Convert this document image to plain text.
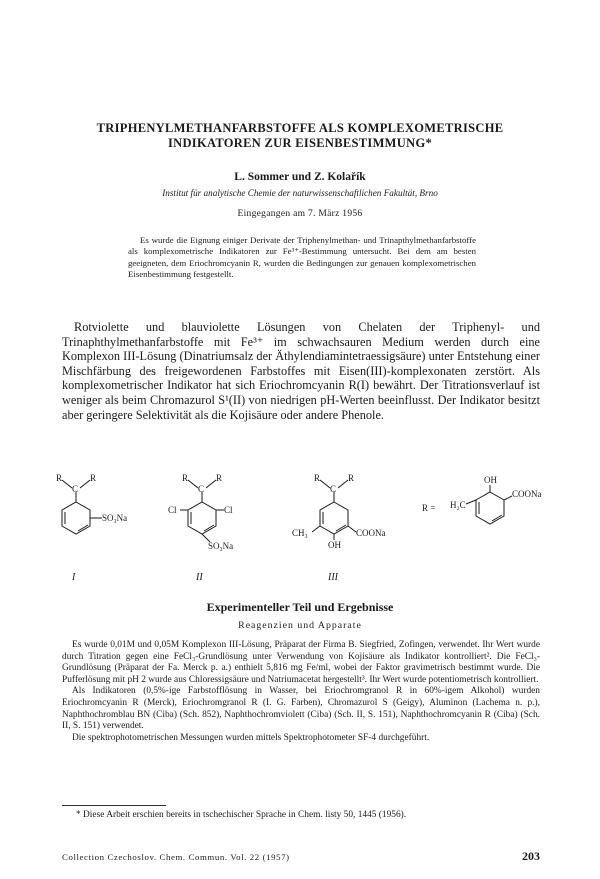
TRIPHENYLMETHANFARBSTOFFE ALS KOMPLEXOMETRISCHE
INDIKATOREN ZUR EISENBESTIMMUNG*
L. Sommer und Z. Kolařík
Institut für analytische Chemie der naturwissenschaftlichen Fakultät, Brno
Eingegangen am 7. März 1956

Es wurde die Eignung einiger Derivate der Triphenylmethan- und Trinapthylmethanfarbstoffe als komplexometrische Indikatoren zur Fe³⁺-Bestimmung untersucht. Bei dem am besten geeigneten, dem Eriochromcyanin R, wurden die Bedingungen zur genauen komplexometrischen Eisenbestimmung festgestellt.

Rotviolette und blauviolette Lösungen von Chelaten der Triphenyl- und Trinaphthylmethanfarbstoffe mit Fe³⁺ im schwachsauren Medium werden durch eine Komplexon III-Lösung (Dinatriumsalz der Äthylendiamintetraessigsäure) unter Entstehung einer Mischfärbung des freigewordenen Farbstoffes mit Eisen(III)-komplexonaten zerstört. Als komplexometrischer Indikator hat sich Eriochromcyanin R(I) bewährt. Der Titrationsverlauf ist weniger als beim Chromazurol S¹(II) von niedrigen pH-Werten beeinflusst. Der Indikator besitzt aber geringere Selektivität als die Kojisäure oder andere Phenole.

R
C
R
SO₃Na
R
C
R
Cl	Cl
SO₃Na
R
C
R
CH₃
OH
COONa
R = H₂C
OH
COONa
I	II	III
Experimenteller Teil und Ergebnisse
Reagenzien und Apparate

Es wurde 0,01M und 0,05M Komplexon III-Lösung, Präparat der Firma B. Siegfried, Zofingen, verwendet. Ihr Wert wurde durch Titration gegen eine FeCl₃-Grundlösung unter Verwendung von Kojisäure als Indikator kontrolliert². Die FeCl₃-Grundlösung (Präparat der Fa. Merck p. a.) enthielt 5,816 mg Fe/ml, wobei der Faktor gravimetrisch bestimmt wurde. Die Pufferlösung mit pH 2 wurde aus Chloressigsäure und Natriumacetat hergestellt³. Ihr Wert wurde potentiometrisch kontrolliert.

Als Indikatoren (0,5%-ige Farbstofflösung in Wasser, bei Eriochromgranol R in 60%-igem Alkohol) wurden Eriochromcyanin R (Merck), Eriochromgranol R (I. G. Farben), Chromazurol S (Geigy), Aluminon (Lachema n. p.), Naphthochromblau BN (Ciba) (Sch. 852), Naphthochromviolett (Ciba) (Sch. II, S. 151), Naphthochromcyanin R (Ciba) (Sch. II, S. 151) verwendet.

Die spektrophotometrischen Messungen wurden mittels Spektrophotometer SF-4 durchgeführt.

* Diese Arbeit erschien bereits in tschechischer Sprache in Chem. listy 50, 1445 (1956).
Collection Czechoslov. Chem. Commun. Vol. 22 (1957)	203
